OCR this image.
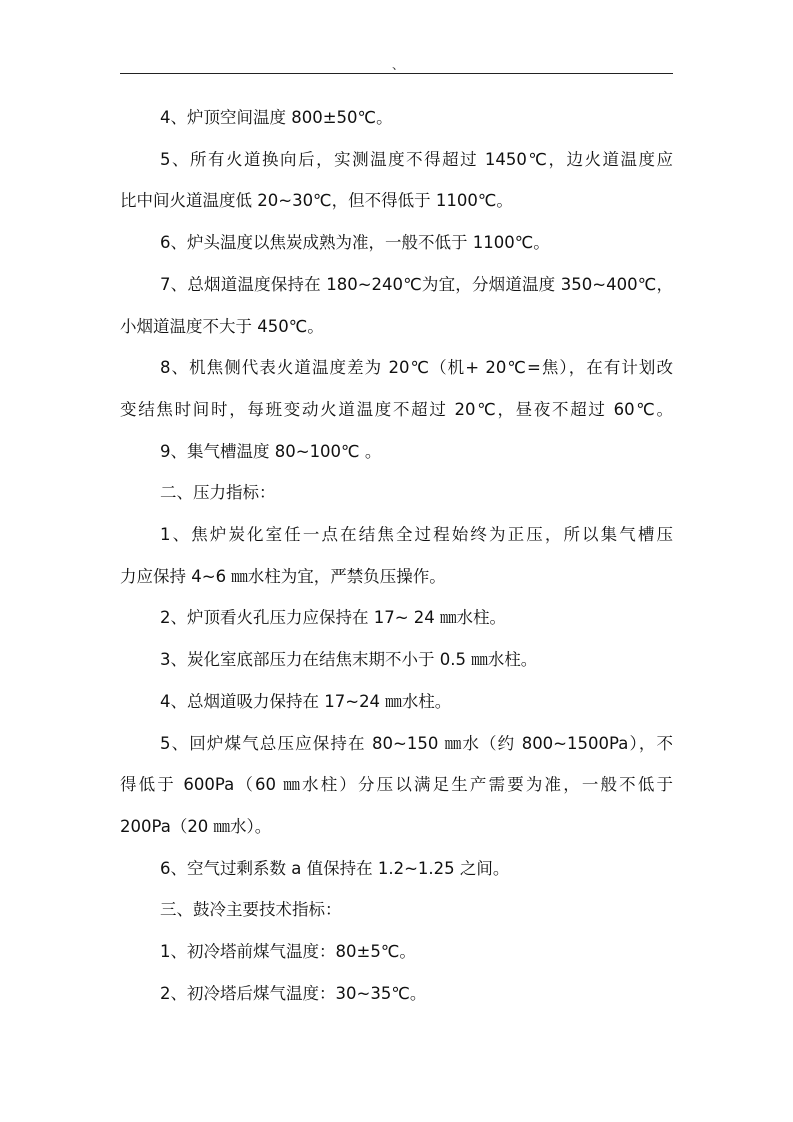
、
4、炉顶空间温度 800±50℃。
5、所有火道换向后，实测温度不得超过 1450℃，边火道温度应
比中间火道温度低 20~30℃，但不得低于 1100℃。
6、炉头温度以焦炭成熟为准，一般不低于 1100℃。
7、总烟道温度保持在 180~240℃为宜，分烟道温度 350~400℃，
小烟道温度不大于 450℃。
8、机焦侧代表火道温度差为 20℃（机+ 20℃=焦），在有计划改
变结焦时间时，每班变动火道温度不超过 20℃，昼夜不超过 60℃。
9、集气槽温度 80~100℃ 。
二、压力指标：
1、焦炉炭化室任一点在结焦全过程始终为正压，所以集气槽压
力应保持 4~6 ㎜水柱为宜，严禁负压操作。
2、炉顶看火孔压力应保持在 17~ 24 ㎜水柱。
3、炭化室底部压力在结焦末期不小于 0.5 ㎜水柱。
4、总烟道吸力保持在 17~24 ㎜水柱。
5、回炉煤气总压应保持在 80~150 ㎜水（约 800~1500Pa），不
得低于 600Pa（60 ㎜水柱）分压以满足生产需要为准，一般不低于
200Pa（20 ㎜水）。
6、空气过剩系数 a 值保持在 1.2~1.25 之间。
三、鼓冷主要技术指标：
1、初冷塔前煤气温度：80±5℃。
2、初冷塔后煤气温度：30~35℃。
